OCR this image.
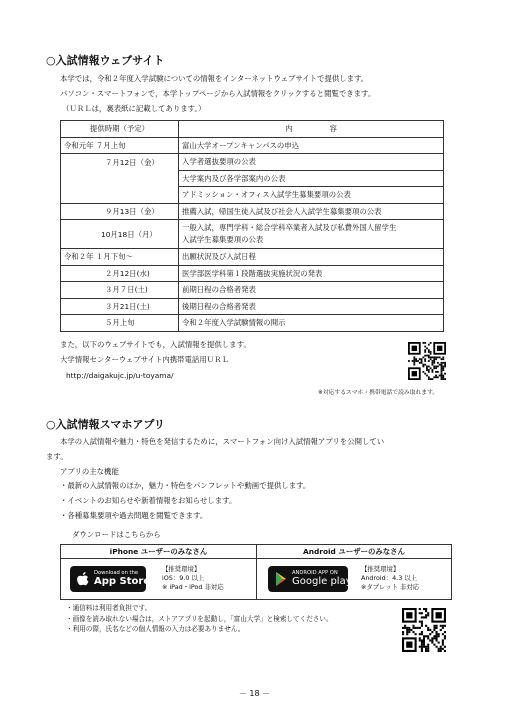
○入試情報ウェブサイト
本学では，令和２年度入学試験についての情報をインターネットウェブサイトで提供します。
パソコン・スマートフォンで，本学トップページから入試情報をクリックすると閲覧できます。
（ＵＲＬは，裏表紙に記載してあります。）
提供時期（予定）	内　　　　　容
令和元年 ７月上旬	富山大学オープンキャンパスの申込
７月12日（金）	入学者選抜要項の公表
	大学案内及び各学部案内の公表
	アドミッション・オフィス入試学生募集要項の公表
９月13日（金）	推薦入試，帰国生徒入試及び社会人入試学生募集要項の公表
10月18日（月）	一般入試，専門学科・総合学科卒業者入試及び私費外国人留学生
入試学生募集要項の公表
令和２年 １月下旬～	出願状況及び入試日程
２月12日(水)	医学部医学科第１段階選抜実施状況の発表
３月７日(土)	前期日程の合格者発表
３月21日(土)	後期日程の合格者発表
５月上旬	令和２年度入学試験情報の開示
また，以下のウェブサイトでも，入試情報を提供します。
大学情報センターウェブサイト内携帯電話用ＵＲＬ
http://daigakujc.jp/u-toyama/
※対応するスマホ・携帯電話で読み取れます。
○入試情報スマホアプリ
本学の入試情報や魅力・特色を発信するために，スマートフォン向け入試情報アプリを公開してい
ます。
アプリの主な機能
・最新の入試情報のほか，魅力・特色をパンフレットや動画で提供します。
・イベントのお知らせや新着情報をお知らせします。
・各種募集要項や過去問題を閲覧できます。
ダウンロードはこちらから
iPhone ユーザーのみなさん	Android ユーザーのみなさん
Download on the
App Store
【推奨環境】
iOS：9.0 以上
※ iPad・iPod 非対応
ANDROID APP ON
Google play
【推奨環境】
Android：4.3 以上
※タブレット 非対応
・通信料は利用者負担です。
・画像を読み取れない場合は，ストアアプリを起動し，「富山大学」と検索してください。
・利用の際，氏名などの個人情報の入力は必要ありません。
－ 18 －
